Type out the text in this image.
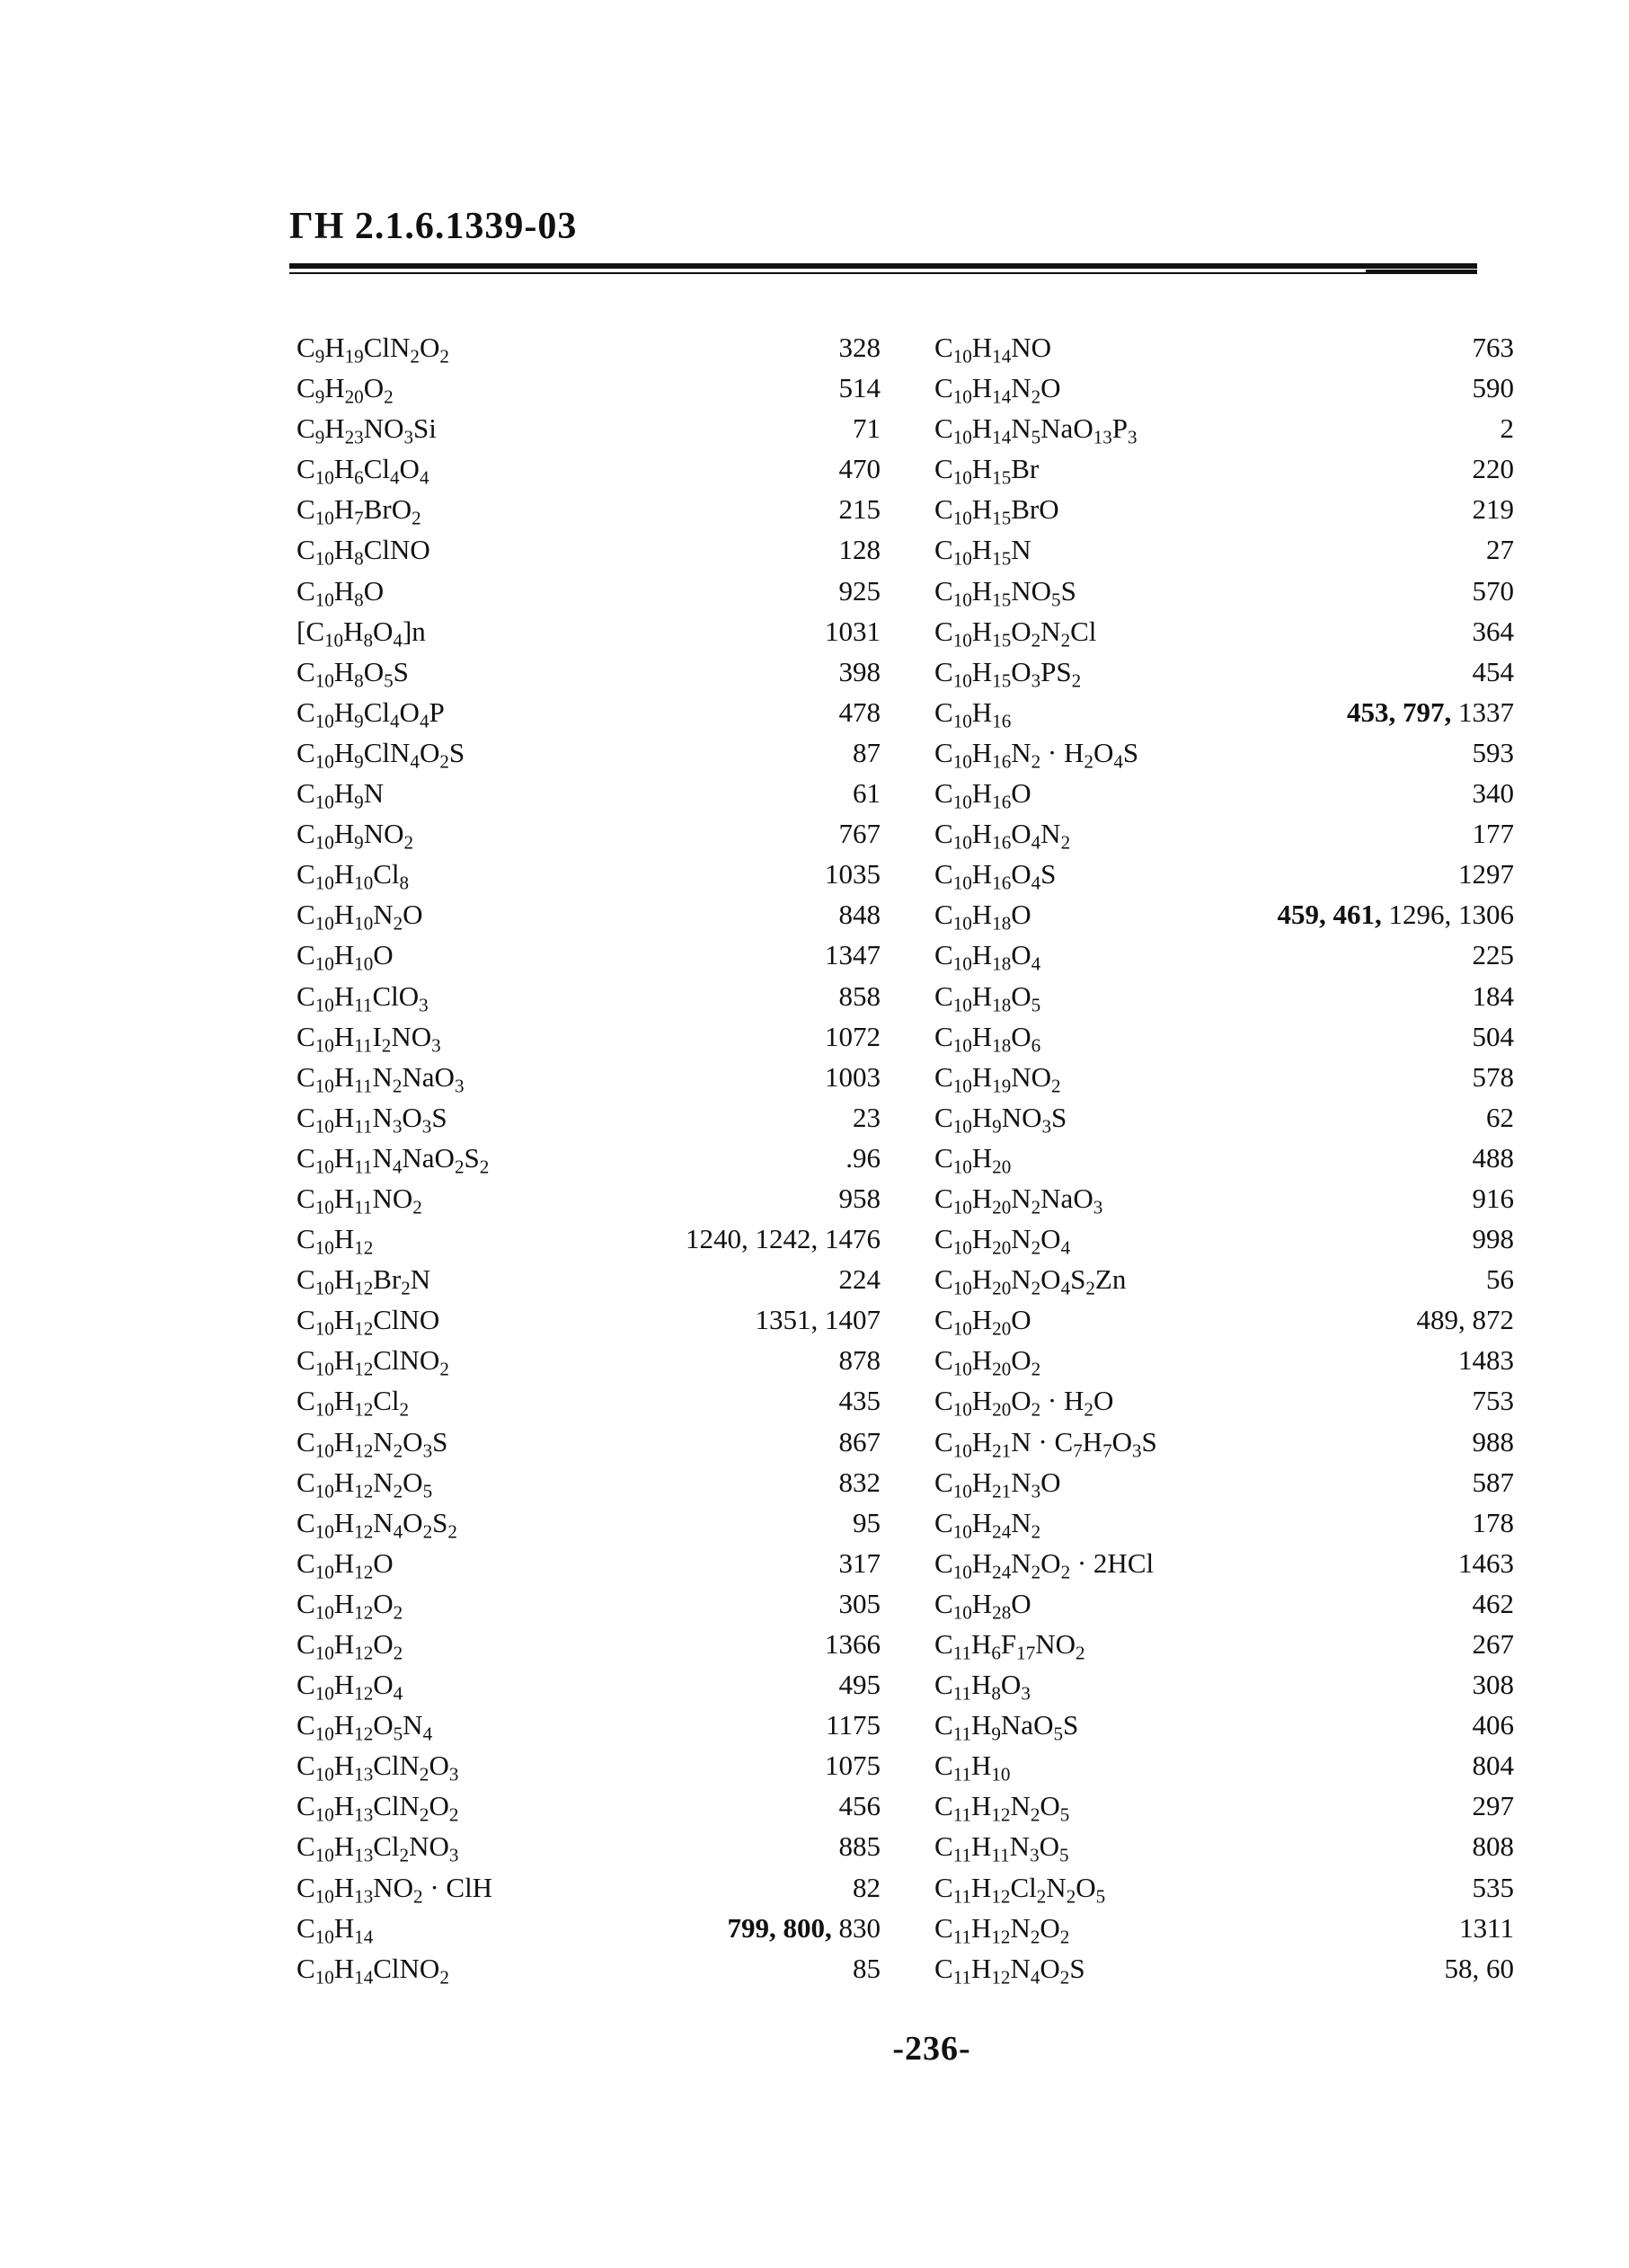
ГН 2.1.6.1339-03
$C_9H_{19}ClN_2O_2$	328
$C_9H_{20}O_2$	514
$C_9H_{23}NO_3Si$	71
$C_{10}H_6Cl_4O_4$	470
$C_{10}H_7BrO_2$	215
$C_{10}H_8ClNO$	128
$C_{10}H_8O$	925
$[C_{10}H_8O_4]n$	1031
$C_{10}H_8O_5S$	398
$C_{10}H_9Cl_4O_4P$	478
$C_{10}H_9ClN_4O_2S$	87
$C_{10}H_9N$	61
$C_{10}H_9NO_2$	767
$C_{10}H_{10}Cl_8$	1035
$C_{10}H_{10}N_2O$	848
$C_{10}H_{10}O$	1347
$C_{10}H_{11}ClO_3$	858
$C_{10}H_{11}I_2NO_3$	1072
$C_{10}H_{11}N_2NaO_3$	1003
$C_{10}H_{11}N_3O_3S$	23
$C_{10}H_{11}N_4NaO_2S_2$	.96
$C_{10}H_{11}NO_2$	958
$C_{10}H_{12}$	1240, 1242, 1476
$C_{10}H_{12}Br_2N$	224
$C_{10}H_{12}ClNO$	1351, 1407
$C_{10}H_{12}ClNO_2$	878
$C_{10}H_{12}Cl_2$	435
$C_{10}H_{12}N_2O_3S$	867
$C_{10}H_{12}N_2O_5$	832
$C_{10}H_{12}N_4O_2S_2$	95
$C_{10}H_{12}O$	317
$C_{10}H_{12}O_2$	305
$C_{10}H_{12}O_2$	1366
$C_{10}H_{12}O_4$	495
$C_{10}H_{12}O_5N_4$	1175
$C_{10}H_{13}ClN_2O_3$	1075
$C_{10}H_{13}ClN_2O_2$	456
$C_{10}H_{13}Cl_2NO_3$	885
$C_{10}H_{13}NO_2$ · ClH	82
$C_{10}H_{14}$	799, 800, 830
$C_{10}H_{14}ClNO_2$	85
$C_{10}H_{14}NO$	763
$C_{10}H_{14}N_2O$	590
$C_{10}H_{14}N_5NaO_{13}P_3$	2
$C_{10}H_{15}Br$	220
$C_{10}H_{15}BrO$	219
$C_{10}H_{15}N$	27
$C_{10}H_{15}NO_5S$	570
$C_{10}H_{15}O_2N_2Cl$	364
$C_{10}H_{15}O_3PS_2$	454
$C_{10}H_{16}$	453, 797, 1337
$C_{10}H_{16}N_2 \cdot H_2O_4S$	593
$C_{10}H_{16}O$	340
$C_{10}H_{16}O_4N_2$	177
$C_{10}H_{16}O_4S$	1297
$C_{10}H_{18}O$	459, 461, 1296, 1306
$C_{10}H_{18}O_4$	225
$C_{10}H_{18}O_5$	184
$C_{10}H_{18}O_6$	504
$C_{10}H_{19}NO_2$	578
$C_{10}H_9NO_3S$	62
$C_{10}H_{20}$	488
$C_{10}H_{20}N_2NaO_3$	916
$C_{10}H_{20}N_2O_4$	998
$C_{10}H_{20}N_2O_4S_2Zn$	56
$C_{10}H_{20}O$	489, 872
$C_{10}H_{20}O_2$	1483
$C_{10}H_{20}O_2 \cdot H_2O$	753
$C_{10}H_{21}N \cdot C_7H_7O_3S$	988
$C_{10}H_{21}N_3O$	587
$C_{10}H_{24}N_2$	178
$C_{10}H_{24}N_2O_2 \cdot 2HCl$	1463
$C_{10}H_{28}O$	462
$C_{11}H_6F_{17}NO_2$	267
$C_{11}H_8O_3$	308
$C_{11}H_9NaO_5S$	406
$C_{11}H_{10}$	804
$C_{11}H_{12}N_2O_5$	297
$C_{11}H_{11}N_3O_5$	808
$C_{11}H_{12}Cl_2N_2O_5$	535
$C_{11}H_{12}N_2O_2$	1311
$C_{11}H_{12}N_4O_2S$	58, 60
-236-
